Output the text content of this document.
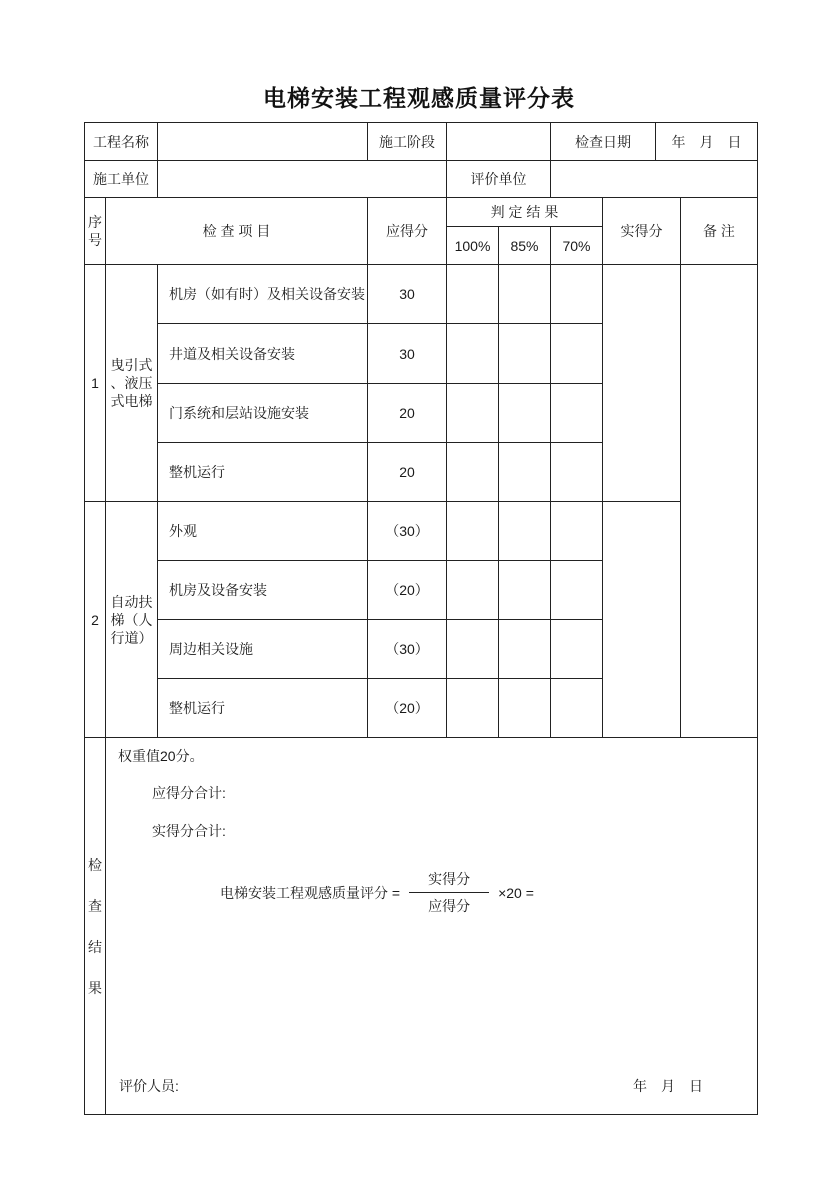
电梯安装工程观感质量评分表
工程名称	施工阶段	检查日期	年　月　日
施工单位	评价单位
序号
检 查 项 目	应得分
判 定 结 果
100%	85%	70%
实得分	备 注
1
曳引式、液压式电梯
机房（如有时）及相关设备安装	30
井道及相关设备安装	30
门系统和层站设施安装	20
整机运行	20
2
自动扶梯（人行道）
外观	（30）
机房及设备安装	（20）
周边相关设施	（30）
整机运行	（20）
检
查
结
果
权重值20分。
应得分合计:
实得分合计:
电梯安装工程观感质量评分 = $\frac{\text{实得分}}{\text{应得分}} \times 20$ =
评价人员:	年　月　日
